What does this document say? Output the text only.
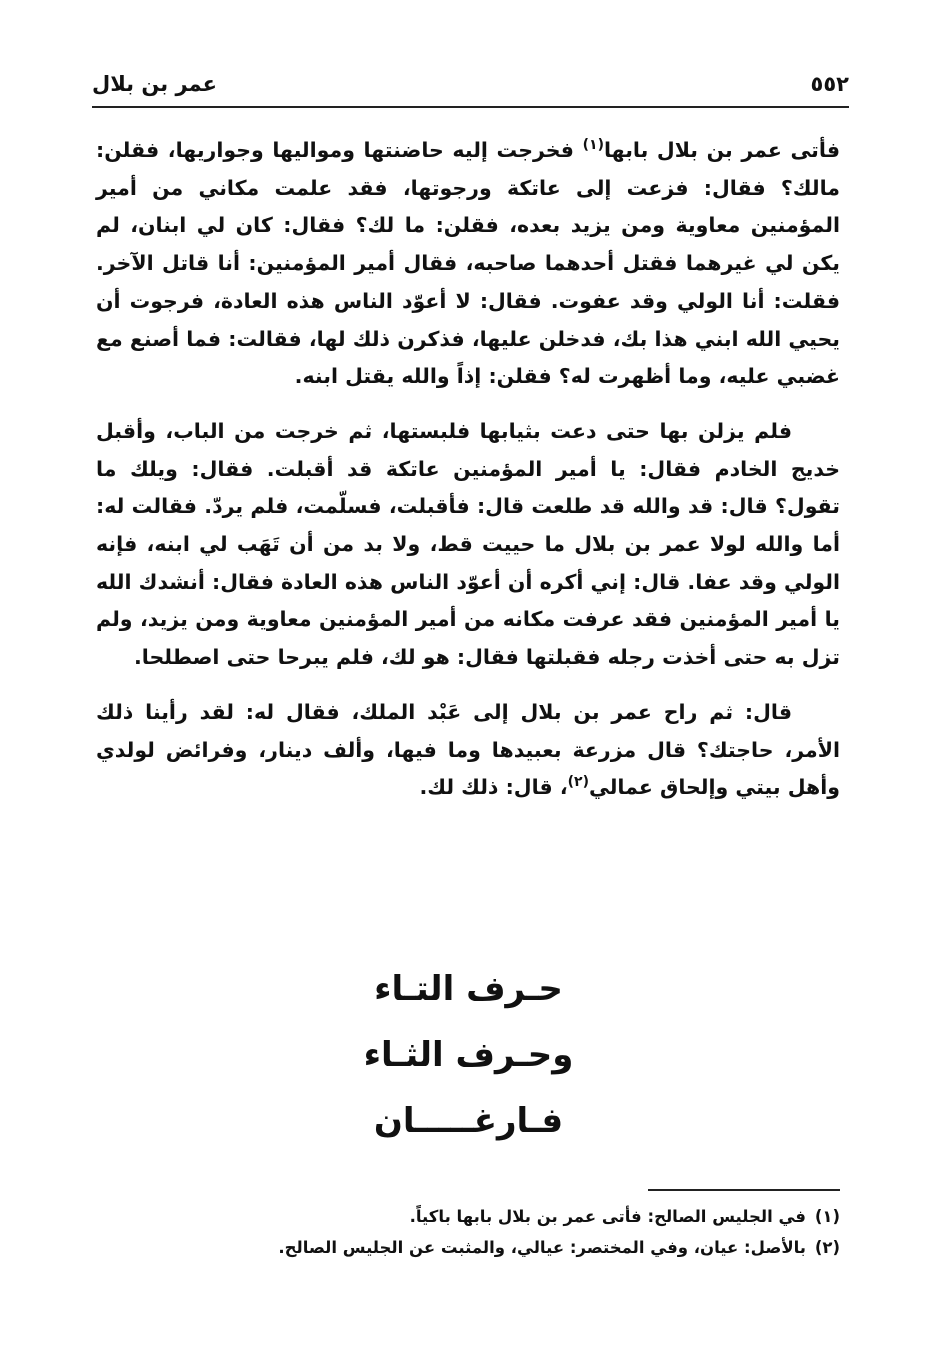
٥٥٢
عمر بن بلال

فأتى عمر بن بلال بابها$^{(١)}$ فخرجت إليه حاضنتها ومواليها وجواريها، فقلن: مالك؟ فقال: فزعت إلى عاتكة ورجوتها، فقد علمت مكاني من أمير المؤمنين معاوية ومن يزيد بعده، فقلن: ما لك؟ فقال: كان لي ابنان، لم يكن لي غيرهما فقتل أحدهما صاحبه، فقال أمير المؤمنين: أنا قاتل الآخر. فقلت: أنا الولي وقد عفوت. فقال: لا أعوّد الناس هذه العادة، فرجوت أن يحيي الله ابني هذا بك، فدخلن عليها، فذكرن ذلك لها، فقالت: فما أصنع مع غضبي عليه، وما أظهرت له؟ فقلن: إذاً والله يقتل ابنه.

فلم يزلن بها حتى دعت بثيابها فلبستها، ثم خرجت من الباب، وأقبل خديج الخادم فقال: يا أمير المؤمنين عاتكة قد أقبلت. فقال: ويلك ما تقول؟ قال: قد والله قد طلعت قال: فأقبلت، فسلّمت، فلم يردّ. فقالت له: أما والله لولا عمر بن بلال ما حييت قط، ولا بد من أن تَهَب لي ابنه، فإنه الولي وقد عفا. قال: إني أكره أن أعوّد الناس هذه العادة فقال: أنشدك الله يا أمير المؤمنين فقد عرفت مكانه من أمير المؤمنين معاوية ومن يزيد، ولم تزل به حتى أخذت رجله فقبلتها فقال: هو لك، فلم يبرحا حتى اصطلحا.

قال: ثم راح عمر بن بلال إلى عَبْد الملك، فقال له: لقد رأينا ذلك الأمر، حاجتك؟ قال مزرعة بعبيدها وما فيها، وألف دينار، وفرائض لولدي وأهل بيتي وإلحاق عمالي$^{(٢)}$، قال: ذلك لك.

حـرف التـاء
وحـرف الثـاء
فـارغـــــان
(١)في الجليس الصالح: فأتى عمر بن بلال بابها باكياً.
(٢)بالأصل: عيان، وفي المختصر: عيالي، والمثبت عن الجليس الصالح.
